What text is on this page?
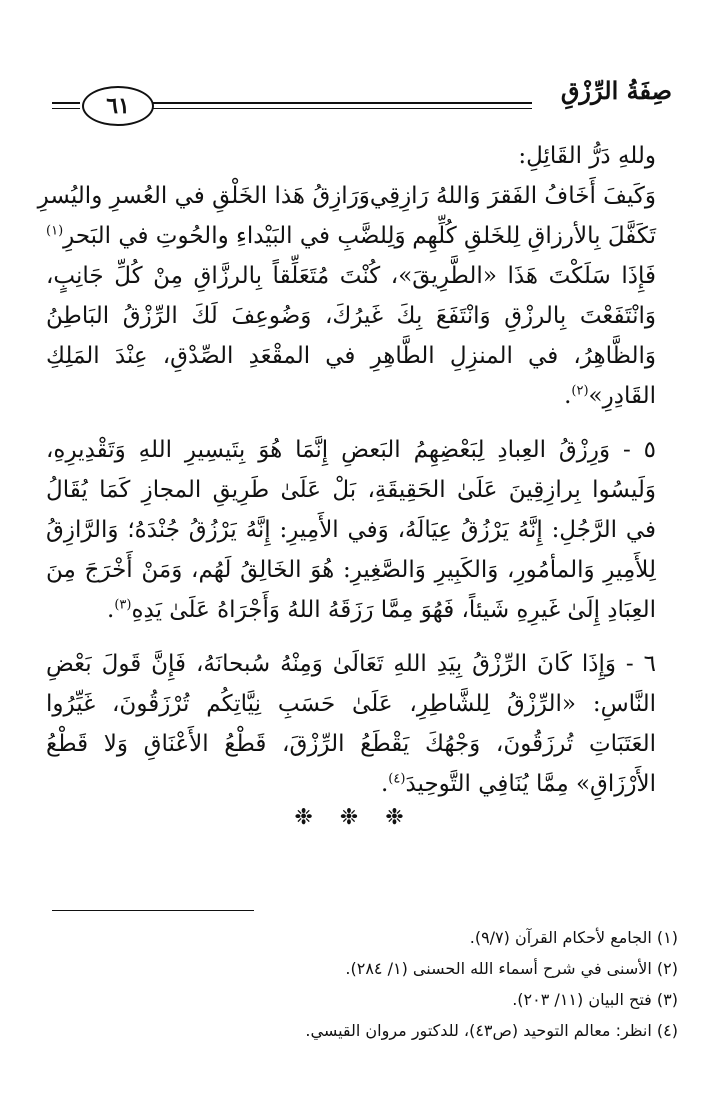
صِفَةُ الرِّزْقِ
٦١
وللهِ دَرُّ القَائِلِ:
وَكَيفَ أَخَافُ الفَقرَ وَاللهُ رَازِقِي
وَرَازِقُ هَذا الخَلْقِ في العُسرِ واليُسرِ
تَكَفَّلَ بِالأرزاقِ لِلخَلقِ كُلِّهِم
وَلِلضَّبِ في البَيْداءِ والحُوتِ في البَحرِ$^{(١)}$

فَإِذَا سَلَكْتَ هَذَا «الطَّرِيقَ»، كُنْتَ مُتَعَلِّقاً بِالرزَّاقِ مِنْ كُلِّ جَانِبٍ، وَانْتَفَعْتَ بِالرزْقِ وَانْتَفَعَ بِكَ غَيرُكَ، وَضُوعِفَ لَكَ الرِّزْقُ البَاطِنُ وَالظَّاهِرُ، في المنزِلِ الطَّاهِرِ في المقْعَدِ الصِّدْقِ، عِنْدَ المَلِكِ القَادِرِ»$^{(٢)}$.

٥ - وَرِزْقُ العِبادِ لِبَعْضِهِمُ البَعضِ إِنَّمَا هُوَ بِتَيسِيرِ اللهِ وَتَقْدِيرِهِ، وَلَيسُوا بِرازِقِينَ عَلَىٰ الحَقِيقَةِ، بَلْ عَلَىٰ طَرِيقِ المجازِ كَمَا يُقَالُ في الرَّجُلِ: إِنَّهُ يَرْزُقُ عِيَالَهُ، وَفي الأَمِيرِ: إِنَّهُ يَرْزُقُ جُنْدَهُ؛ وَالرَّازِقُ لِلأَمِيرِ وَالمأمُورِ، وَالكَبِيرِ وَالصَّغِيرِ: هُوَ الخَالِقُ لَهُم، وَمَنْ أَخْرَجَ مِنَ العِبَادِ إِلَىٰ غَيرِهِ شَيئاً، فَهُوَ مِمَّا رَزَقَهُ اللهُ وَأَجْرَاهُ عَلَىٰ يَدِهِ$^{(٣)}$.

٦ - وَإِذَا كَانَ الرِّزْقُ بِيَدِ اللهِ تَعَالَىٰ وَمِنْهُ سُبحانَهُ، فَإِنَّ قَولَ بَعْضِ النَّاسِ: «الرِّزْقُ لِلشَّاطِرِ، عَلَىٰ حَسَبِ نِيَّاتِكُم تُرْزَقُونَ، غَيِّرُوا العَتَبَاتِ تُرزَقُونَ، وَجْهُكَ يَقْطَعُ الرِّزْقَ، قَطْعُ الأَعْنَاقِ وَلا قَطْعُ الأَرْزَاقِ» مِمَّا يُنَافِي التَّوحِيدَ$^{(٤)}$.

❉ ❉ ❉
(١) الجامع لأحكام القرآن (٩/٧).
(٢) الأسنى في شرح أسماء الله الحسنى (١/ ٢٨٤).
(٣) فتح البيان (١١/ ٢٠٣).
(٤) انظر: معالم التوحيد (ص٤٣)، للدكتور مروان القيسي.
